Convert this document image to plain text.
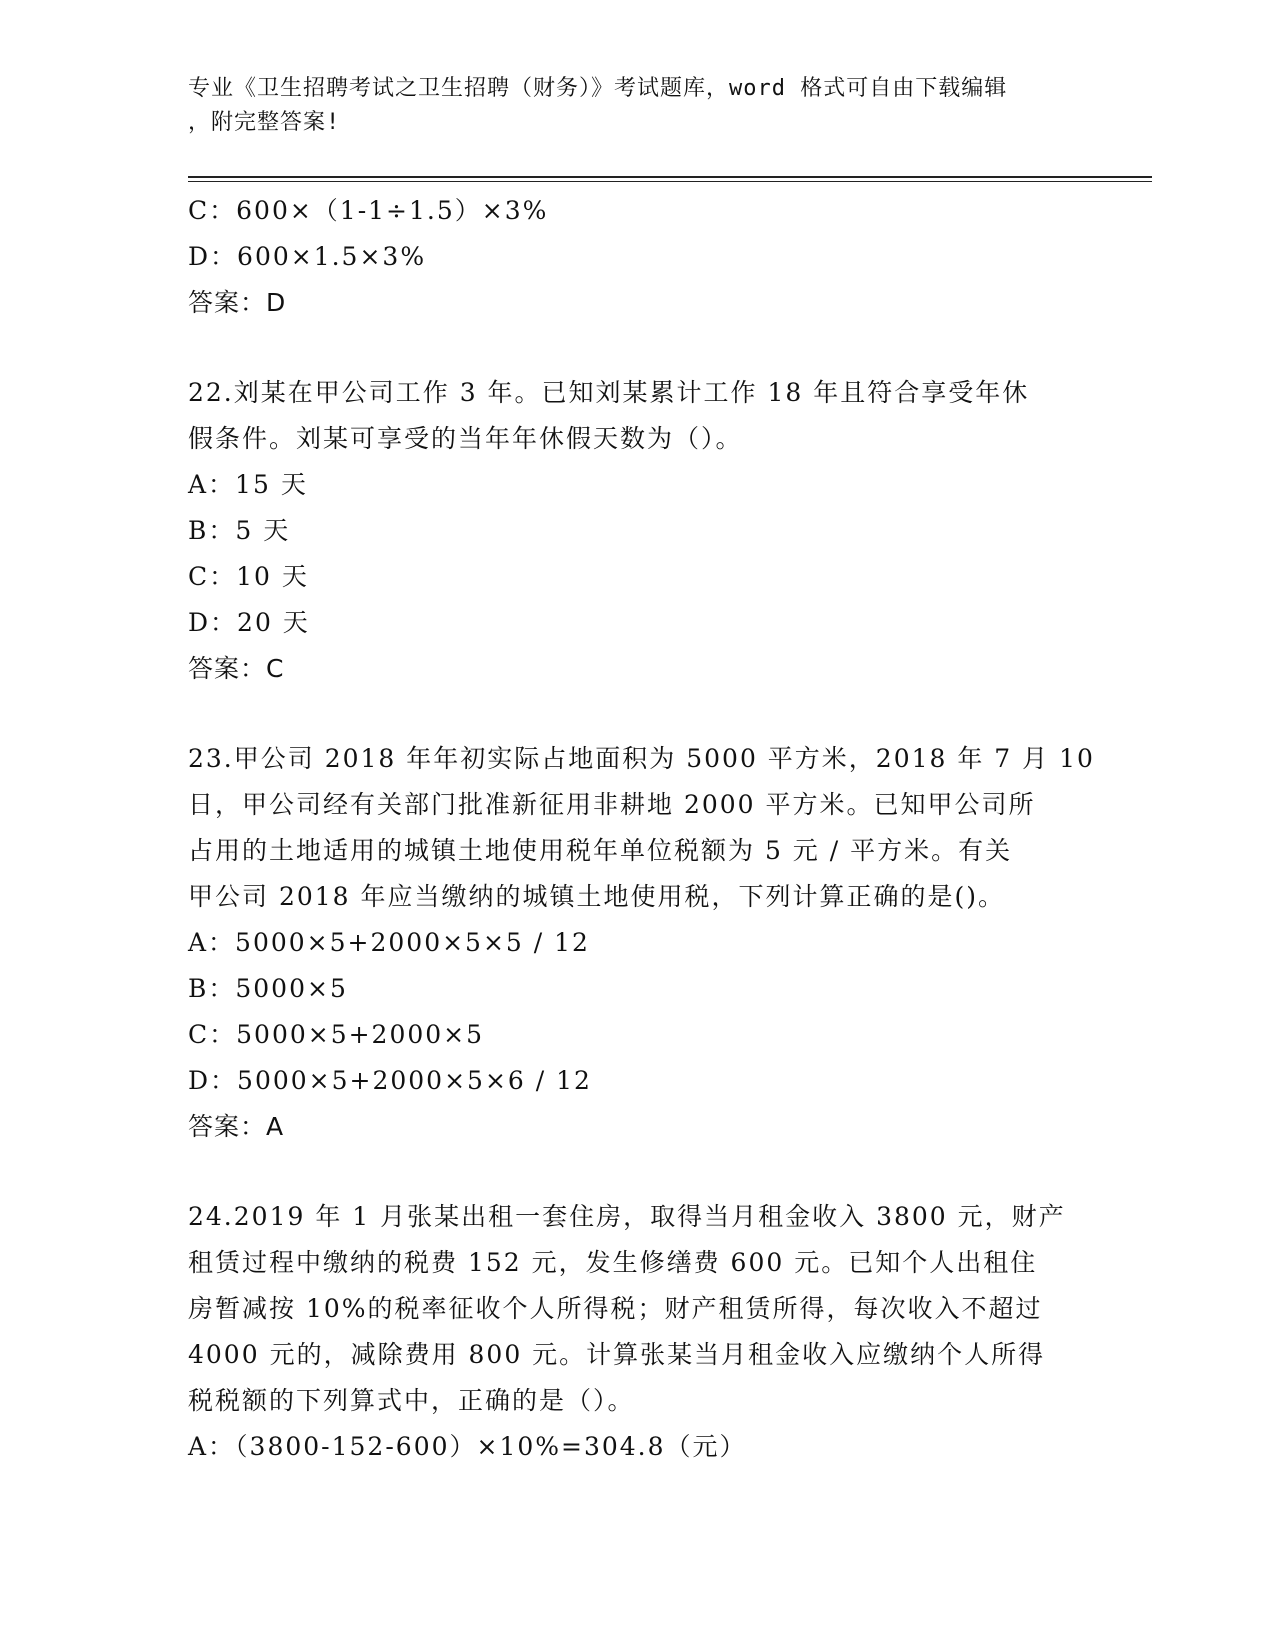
专业《卫生招聘考试之卫生招聘（财务）》考试题库，word 格式可自由下载编辑
，附完整答案!
C：600×（1-1÷1.5）×3%
D：600×1.5×3%
答案：D
22.刘某在甲公司工作 3 年。已知刘某累计工作 18 年且符合享受年休
假条件。刘某可享受的当年年休假天数为（）。
A：15 天
B：5 天
C：10 天
D：20 天
答案：C
23.甲公司 2018 年年初实际占地面积为 5000 平方米，2018 年 7 月 10
日，甲公司经有关部门批准新征用非耕地 2000 平方米。已知甲公司所
占用的土地适用的城镇土地使用税年单位税额为 5 元 / 平方米。有关
甲公司 2018 年应当缴纳的城镇土地使用税，下列计算正确的是()。
A：5000×5+2000×5×5 / 12
B：5000×5
C：5000×5+2000×5
D：5000×5+2000×5×6 / 12
答案：A
24.2019 年 1 月张某出租一套住房，取得当月租金收入 3800 元，财产
租赁过程中缴纳的税费 152 元，发生修缮费 600 元。已知个人出租住
房暂减按 10%的税率征收个人所得税；财产租赁所得，每次收入不超过
4000 元的，减除费用 800 元。计算张某当月租金收入应缴纳个人所得
税税额的下列算式中，正确的是（）。
A：（3800-152-600）×10%=304.8（元）
